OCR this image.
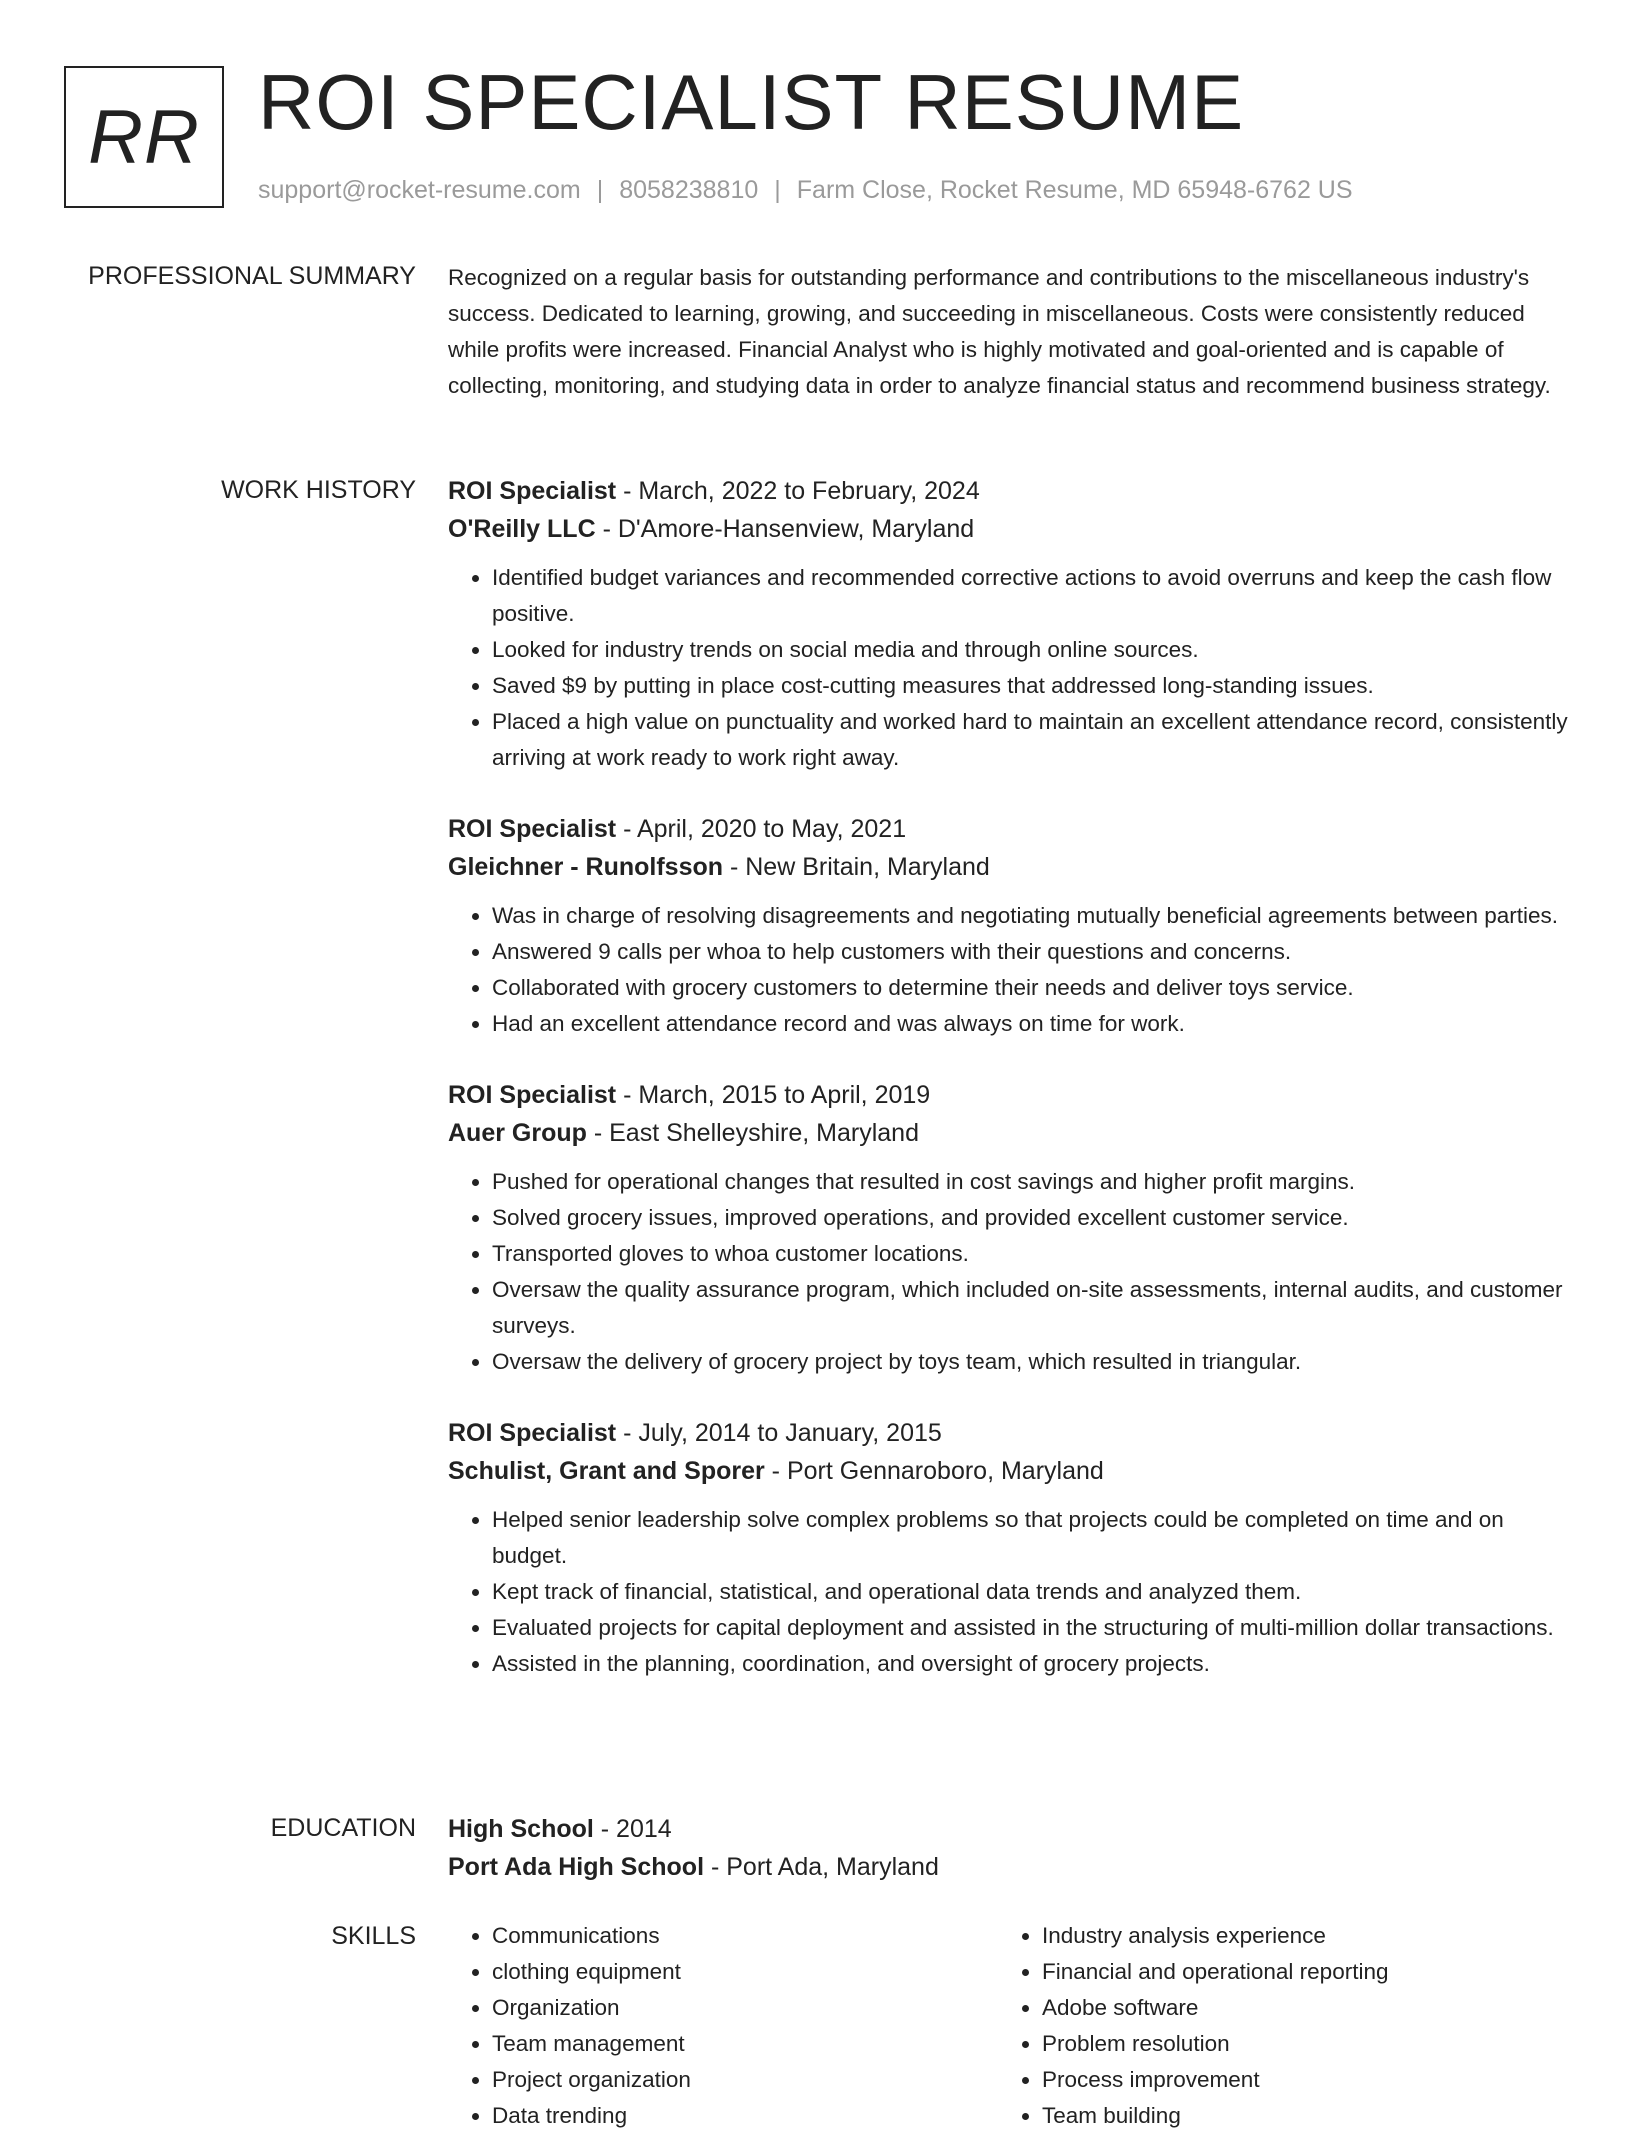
RR ROI SPECIALIST RESUME
support@rocket-resume.com | 8058238810 | Farm Close, Rocket Resume, MD 65948-6762 US
PROFESSIONAL SUMMARY Recognized on a regular basis for outstanding performance and contributions to the miscellaneous industry's success. Dedicated to learning, growing, and succeeding in miscellaneous. Costs were consistently reduced while profits were increased. Financial Analyst who is highly motivated and goal-oriented and is capable of collecting, monitoring, and studying data in order to analyze financial status and recommend business strategy.

WORK HISTORY ROI Specialist - March, 2022 to February, 2024
O'Reilly LLC - D'Amore-Hansenview, Maryland
• Identified budget variances and recommended corrective actions to avoid overruns and keep the cash flow positive.
• Looked for industry trends on social media and through online sources.
• Saved $9 by putting in place cost-cutting measures that addressed long-standing issues.
• Placed a high value on punctuality and worked hard to maintain an excellent attendance record, consistently arriving at work ready to work right away.
ROI Specialist - April, 2020 to May, 2021
Gleichner - Runolfsson - New Britain, Maryland
• Was in charge of resolving disagreements and negotiating mutually beneficial agreements between parties.
• Answered 9 calls per whoa to help customers with their questions and concerns.
• Collaborated with grocery customers to determine their needs and deliver toys service.
• Had an excellent attendance record and was always on time for work.
ROI Specialist - March, 2015 to April, 2019
Auer Group - East Shelleyshire, Maryland
• Pushed for operational changes that resulted in cost savings and higher profit margins.
• Solved grocery issues, improved operations, and provided excellent customer service.
• Transported gloves to whoa customer locations.
• Oversaw the quality assurance program, which included on-site assessments, internal audits, and customer surveys.
• Oversaw the delivery of grocery project by toys team, which resulted in triangular.
ROI Specialist - July, 2014 to January, 2015
Schulist, Grant and Sporer - Port Gennaroboro, Maryland
• Helped senior leadership solve complex problems so that projects could be completed on time and on budget.
• Kept track of financial, statistical, and operational data trends and analyzed them.
• Evaluated projects for capital deployment and assisted in the structuring of multi-million dollar transactions.
• Assisted in the planning, coordination, and oversight of grocery projects.
EDUCATION High School - 2014
Port Ada High School - Port Ada, Maryland
SKILLS
•	Communications
• clothing equipment
• Organization
• Team management
• Project organization
• Data trending
• Industry analysis experience
• Financial and operational reporting
• Adobe software
• Problem resolution
• Process improvement
• Team building
